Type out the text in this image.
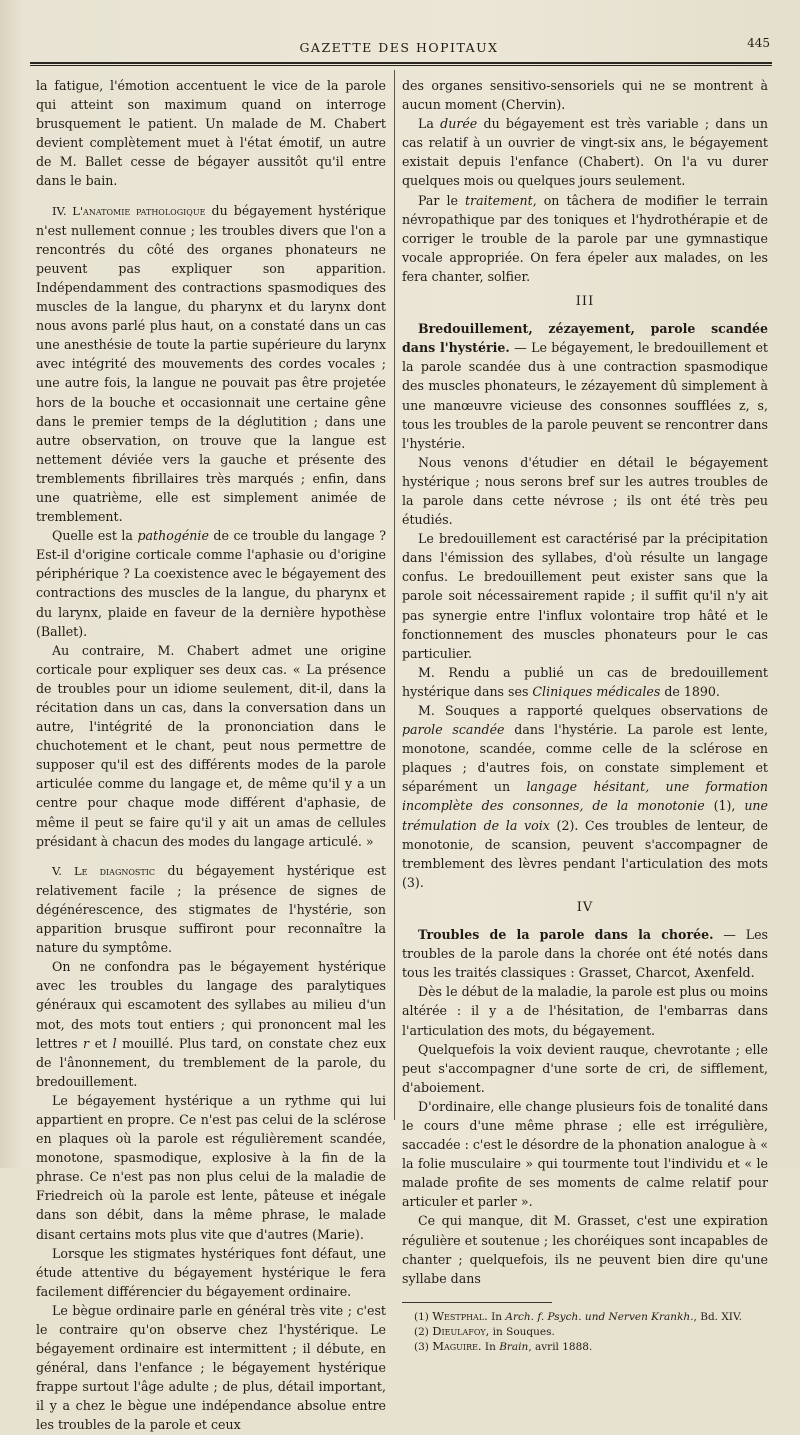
GAZETTE DES HOPITAUX	445

la fatigue, l'émotion accentuent le vice de la parole qui atteint son maximum quand on interroge brusquement le patient. Un malade de M. Chabert devient complètement muet à l'état émotif, un autre de M. Ballet cesse de bégayer aussitôt qu'il entre dans le bain.

IV. L'anatomie pathologique du bégayement hystérique n'est nullement connue ; les troubles divers que l'on a rencontrés du côté des organes phonateurs ne peuvent pas expliquer son apparition. Indépendamment des contractions spasmodiques des muscles de la langue, du pharynx et du larynx dont nous avons parlé plus haut, on a constaté dans un cas une anesthésie de toute la partie supérieure du larynx avec intégrité des mouvements des cordes vocales ; une autre fois, la langue ne pouvait pas être projetée hors de la bouche et occasionnait une certaine gêne dans le premier temps de la déglutition ; dans une autre observation, on trouve que la langue est nettement déviée vers la gauche et présente des tremblements fibrillaires très marqués ; enfin, dans une quatrième, elle est simplement animée de tremblement.

Quelle est la pathogénie de ce trouble du langage ? Est-il d'origine corticale comme l'aphasie ou d'origine périphérique ? La coexistence avec le bégayement des contractions des muscles de la langue, du pharynx et du larynx, plaide en faveur de la dernière hypothèse (Ballet).

Au contraire, M. Chabert admet une origine corticale pour expliquer ses deux cas. « La présence de troubles pour un idiome seulement, dit-il, dans la récitation dans un cas, dans la conversation dans un autre, l'intégrité de la prononciation dans le chuchotement et le chant, peut nous permettre de supposer qu'il est des différents modes de la parole articulée comme du langage et, de même qu'il y a un centre pour chaque mode différent d'aphasie, de même il peut se faire qu'il y ait un amas de cellules présidant à chacun des modes du langage articulé. »

V. Le diagnostic du bégayement hystérique est relativement facile ; la présence de signes de dégénérescence, des stigmates de l'hystérie, son apparition brusque suffiront pour reconnaître la nature du symptôme.

On ne confondra pas le bégayement hystérique avec les troubles du langage des paralytiques généraux qui escamotent des syllabes au milieu d'un mot, des mots tout entiers ; qui prononcent mal les lettres r et l mouillé. Plus tard, on constate chez eux de l'ânonnement, du tremblement de la parole, du bredouillement.

Le bégayement hystérique a un rythme qui lui appartient en propre. Ce n'est pas celui de la sclérose en plaques où la parole est régulièrement scandée, monotone, spasmodique, explosive à la fin de la phrase. Ce n'est pas non plus celui de la maladie de Friedreich où la parole est lente, pâteuse et inégale dans son débit, dans la même phrase, le malade disant certains mots plus vite que d'autres (Marie).

Lorsque les stigmates hystériques font défaut, une étude attentive du bégayement hystérique le fera facilement différencier du bégayement ordinaire.

Le bègue ordinaire parle en général très vite ; c'est le contraire qu'on observe chez l'hystérique. Le bégayement ordinaire est intermittent ; il débute, en général, dans l'enfance ; le bégayement hystérique frappe surtout l'âge adulte ; de plus, détail important, il y a chez le bègue une indépendance absolue entre les troubles de la parole et ceux

des organes sensitivo-sensoriels qui ne se montrent à aucun moment (Chervin).

La durée du bégayement est très variable ; dans un cas relatif à un ouvrier de vingt-six ans, le bégayement existait depuis l'enfance (Chabert). On l'a vu durer quelques mois ou quelques jours seulement.

Par le traitement, on tâchera de modifier le terrain névropathique par des toniques et l'hydrothérapie et de corriger le trouble de la parole par une gymnastique vocale appropriée. On fera épeler aux malades, on les fera chanter, solfier.

III

Bredouillement, zézayement, parole scandée dans l'hystérie. — Le bégayement, le bredouillement et la parole scandée dus à une contraction spasmodique des muscles phonateurs, le zézayement dû simplement à une manœuvre vicieuse des consonnes soufflées z, s, tous les troubles de la parole peuvent se rencontrer dans l'hystérie.

Nous venons d'étudier en détail le bégayement hystérique ; nous serons bref sur les autres troubles de la parole dans cette névrose ; ils ont été très peu étudiés.

Le bredouillement est caractérisé par la précipitation dans l'émission des syllabes, d'où résulte un langage confus. Le bredouillement peut exister sans que la parole soit nécessairement rapide ; il suffit qu'il n'y ait pas synergie entre l'influx volontaire trop hâté et le fonctionnement des muscles phonateurs pour le cas particulier.

M. Rendu a publié un cas de bredouillement hystérique dans ses Cliniques médicales de 1890.

M. Souques a rapporté quelques observations de parole scandée dans l'hystérie. La parole est lente, monotone, scandée, comme celle de la sclérose en plaques ; d'autres fois, on constate simplement et séparément un langage hésitant, une formation incomplète des consonnes, de la monotonie (1), une trémulation de la voix (2). Ces troubles de lenteur, de monotonie, de scansion, peuvent s'accompagner de tremblement des lèvres pendant l'articulation des mots (3).

IV

Troubles de la parole dans la chorée. — Les troubles de la parole dans la chorée ont été notés dans tous les traités classiques : Grasset, Charcot, Axenfeld.

Dès le début de la maladie, la parole est plus ou moins altérée : il y a de l'hésitation, de l'embarras dans l'articulation des mots, du bégayement.

Quelquefois la voix devient rauque, chevrotante ; elle peut s'accompagner d'une sorte de cri, de sifflement, d'aboiement.

D'ordinaire, elle change plusieurs fois de tonalité dans le cours d'une même phrase ; elle est irrégulière, saccadée : c'est le désordre de la phonation analogue à « la folie musculaire » qui tourmente tout l'individu et « le malade profite de ses moments de calme relatif pour articuler et parler ».

Ce qui manque, dit M. Grasset, c'est une expiration régulière et soutenue ; les choréiques sont incapables de chanter ; quelquefois, ils ne peuvent bien dire qu'une syllabe dans

(1) Westphal. In Arch. f. Psych. und Nerven Krankh., Bd. XIV.
(2) Dieulafoy, in Souques.
(3) Maguire. In Brain, avril 1888.
